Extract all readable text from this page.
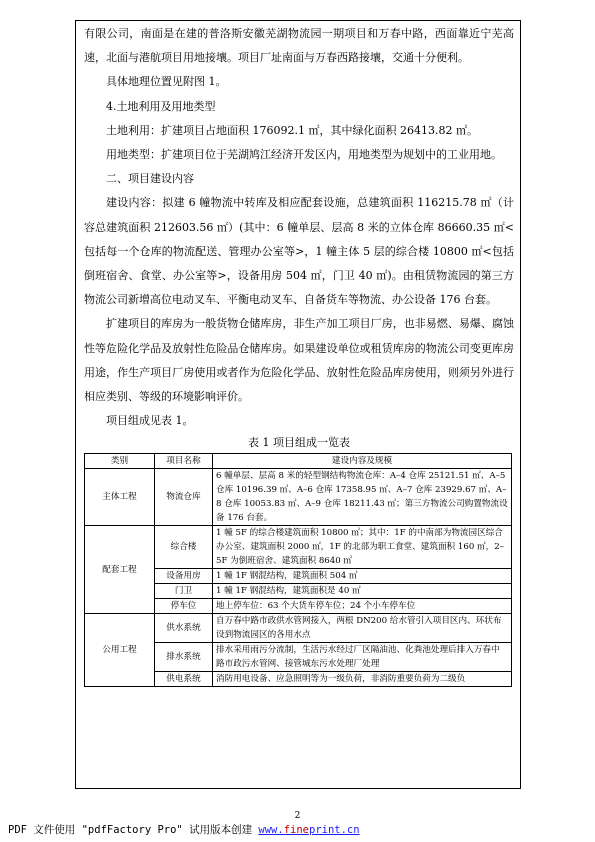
有限公司，南面是在建的普洛斯安徽芜湖物流园一期项目和万春中路，西面靠近宁芜高速，北面与港航项目用地接壤。项目厂址南面与万春西路接壤，交通十分便利。

具体地理位置见附图 1。

4.土地利用及用地类型

土地利用：扩建项目占地面积 176092.1 ㎡，其中绿化面积 26413.82 ㎡。

用地类型：扩建项目位于芜湖鸠江经济开发区内，用地类型为规划中的工业用地。

二、项目建设内容

建设内容：拟建 6 幢物流中转库及相应配套设施，总建筑面积 116215.78 ㎡（计容总建筑面积 212603.56 ㎡）(其中：6 幢单层、层高 8 米的立体仓库 86660.35 ㎡<包括每一个仓库的物流配送、管理办公室等>，1 幢主体 5 层的综合楼 10800 ㎡<包括倒班宿舍、食堂、办公室等>，设备用房 504 ㎡，门卫 40 ㎡)。由租赁物流园的第三方物流公司新增高位电动叉车、平衡电动叉车、自备货车等物流、办公设备 176 台套。

扩建项目的库房为一般货物仓储库房，非生产加工项目厂房，也非易燃、易爆、腐蚀性等危险化学品及放射性危险品仓储库房。如果建设单位或租赁库房的物流公司变更库房用途，作生产项目厂房使用或者作为危险化学品、放射性危险品库房使用，则须另外进行相应类别、等级的环境影响评价。

项目组成见表 1。

表 1 项目组成一览表
类别	项目名称	建设内容及规模
主体工程	物流仓库	6 幢单层、层高 8 米的轻型钢结构物流仓库：A–4 仓库 25121.51 ㎡、A–5 仓库 10196.39 ㎡、A–6 仓库 17358.95 ㎡、A–7 仓库 23929.67 ㎡、A–8 仓库 10053.83 ㎡、A–9 仓库 18211.43 ㎡；第三方物流公司购置物流设备 176 台套。
配套工程	综合楼	1 幢 5F 的综合楼建筑面积 10800 ㎡；其中：1F 的中南部为物流园区综合办公室、建筑面积 2000 ㎡，1F 的北部为职工食堂、建筑面积 160 ㎡，2–5F 为倒班宿舍、建筑面积 8640 ㎡
	设备用房	1 幢 1F 钢混结构，建筑面积 504 ㎡
	门卫	1 幢 1F 钢混结构，建筑面积是 40 ㎡
	停车位	地上停车位：63 个大货车停车位；24 个小车停车位
公用工程	供水系统	自万春中路市政供水管网接入，两根 DN200 给水管引入项目区内、环状布设到物流园区的各用水点
	排水系统	排水采用雨污分流制，生活污水经过厂区隔油池、化粪池处理后排入万春中路市政污水管网、接管城东污水处理厂处理
	供电系统	消防用电设备、应急照明等为一级负荷，非消防重要负荷为二级负
2
PDF 文件使用 "pdfFactory Pro" 试用版本创建 www.fineprint.cn
